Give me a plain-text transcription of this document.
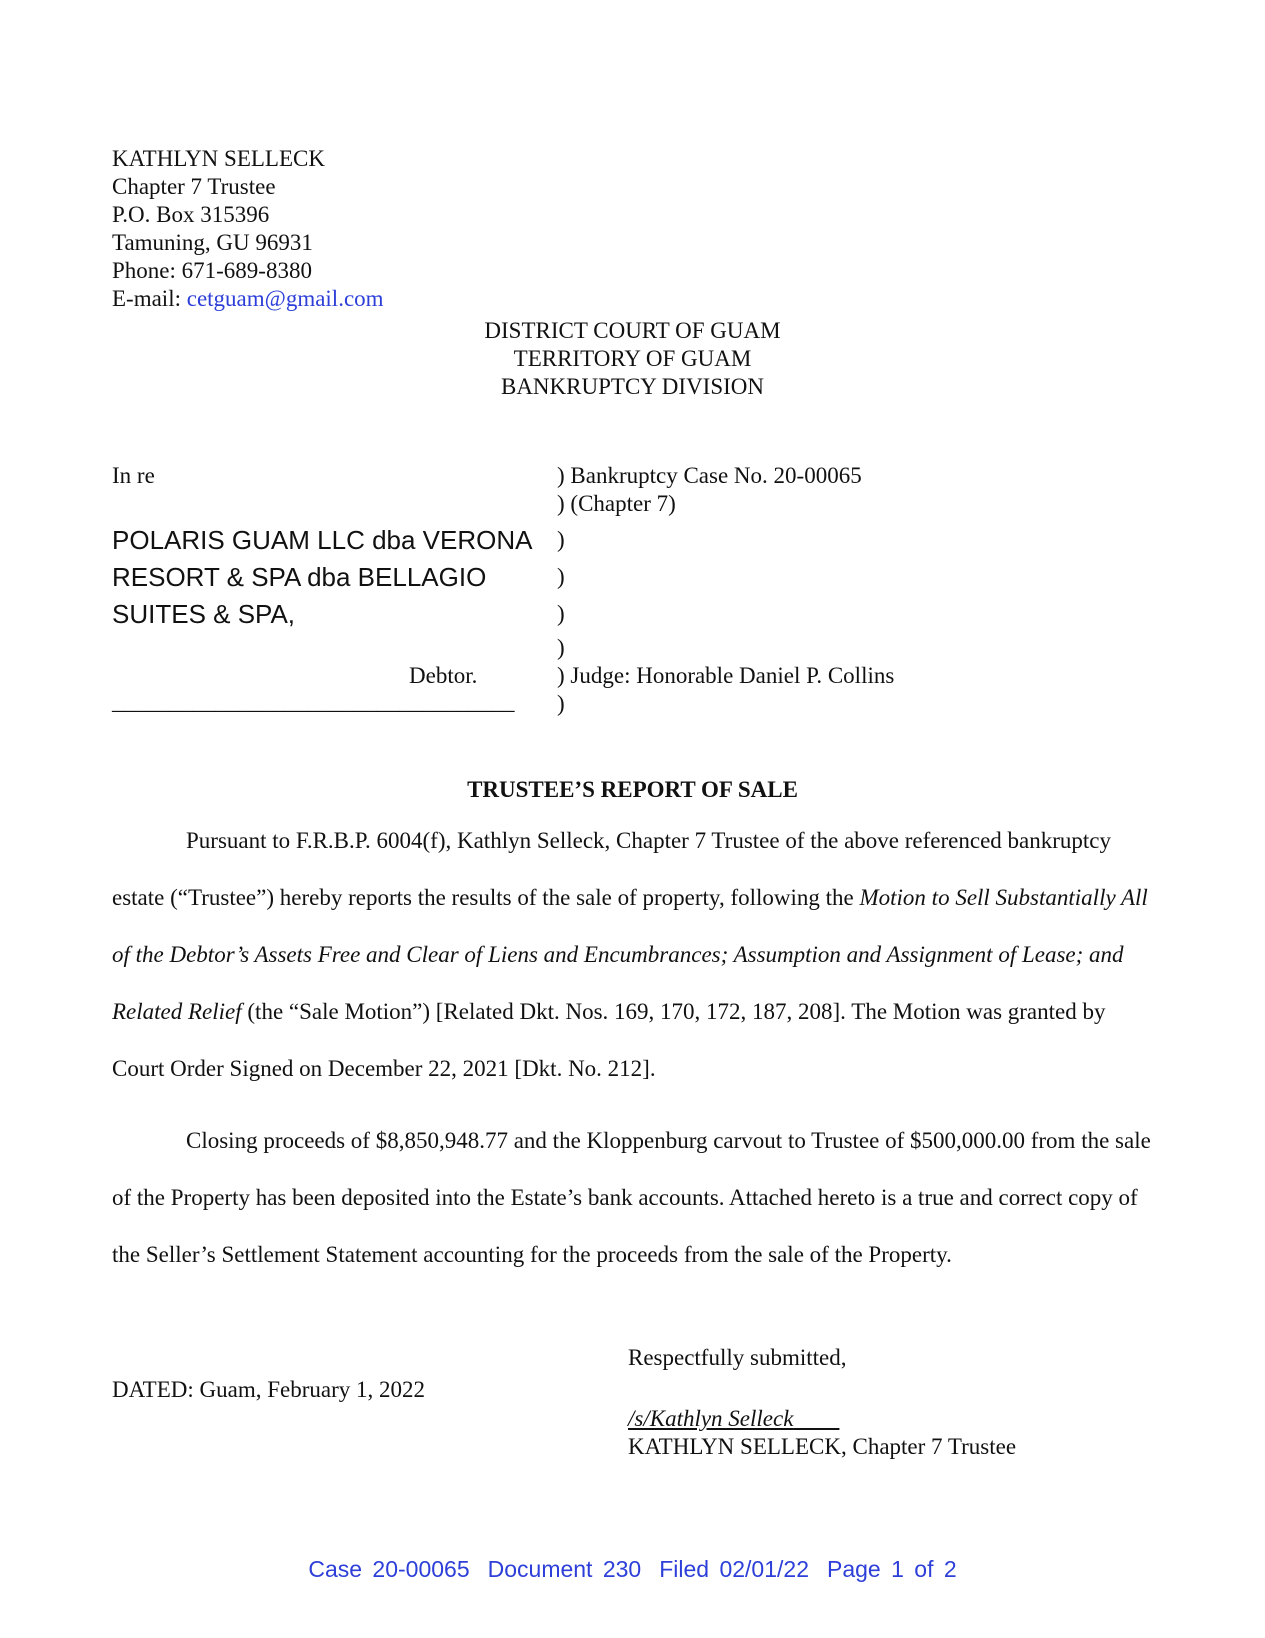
KATHLYN SELLECK
Chapter 7 Trustee
P.O. Box 315396
Tamuning, GU 96931
Phone: 671-689-8380
E-mail: cetguam@gmail.com
DISTRICT COURT OF GUAM
TERRITORY OF GUAM
BANKRUPTCY DIVISION
In re
POLARIS GUAM LLC dba VERONA
RESORT & SPA dba BELLAGIO
SUITES & SPA,
Debtor.
___________________________________
) Bankruptcy Case No. 20-00065
) (Chapter 7)
)
)
)
)
) Judge: Honorable Daniel P. Collins
)
TRUSTEE’S REPORT OF SALE
Pursuant to F.R.B.P. 6004(f), Kathlyn Selleck, Chapter 7 Trustee of the above referenced bankruptcy estate (“Trustee”) hereby reports the results of the sale of property, following the Motion to Sell Substantially All of the Debtor’s Assets Free and Clear of Liens and Encumbrances; Assumption and Assignment of Lease; and Related Relief (the “Sale Motion”) [Related Dkt. Nos. 169, 170, 172, 187, 208]. The Motion was granted by Court Order Signed on December 22, 2021 [Dkt. No. 212].
Closing proceeds of $8,850,948.77 and the Kloppenburg carvout to Trustee of $500,000.00 from the sale of the Property has been deposited into the Estate’s bank accounts. Attached hereto is a true and correct copy of the Seller’s Settlement Statement accounting for the proceeds from the sale of the Property.
Respectfully submitted,
DATED: Guam, February 1, 2022
/s/Kathlyn Selleck
KATHLYN SELLECK, Chapter 7 Trustee
Case 20-00065 Document 230 Filed 02/01/22 Page 1 of 2
